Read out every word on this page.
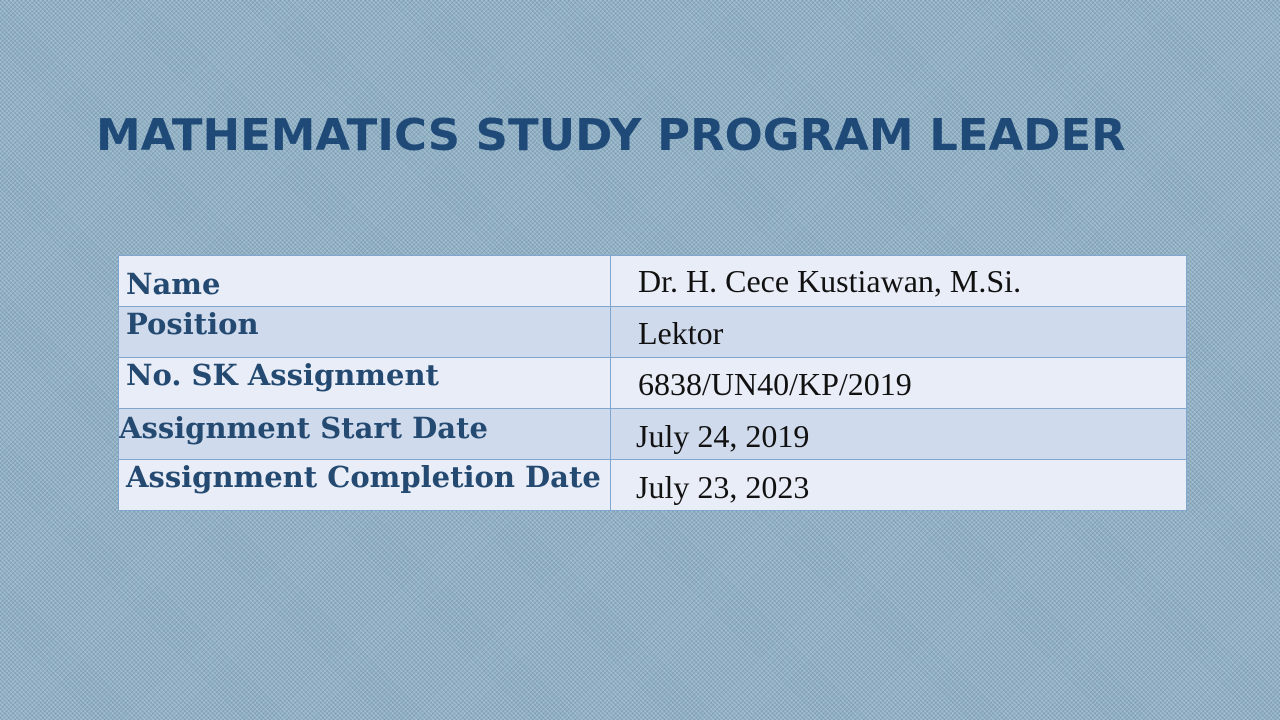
MATHEMATICS STUDY PROGRAM LEADER
Name	Dr. H. Cece Kustiawan, M.Si.

Position	Lektor

No. SK Assignment	6838/UN40/KP/2019

Assignment Start Date	July 24, 2019

Assignment Completion Date	July 23, 2023
